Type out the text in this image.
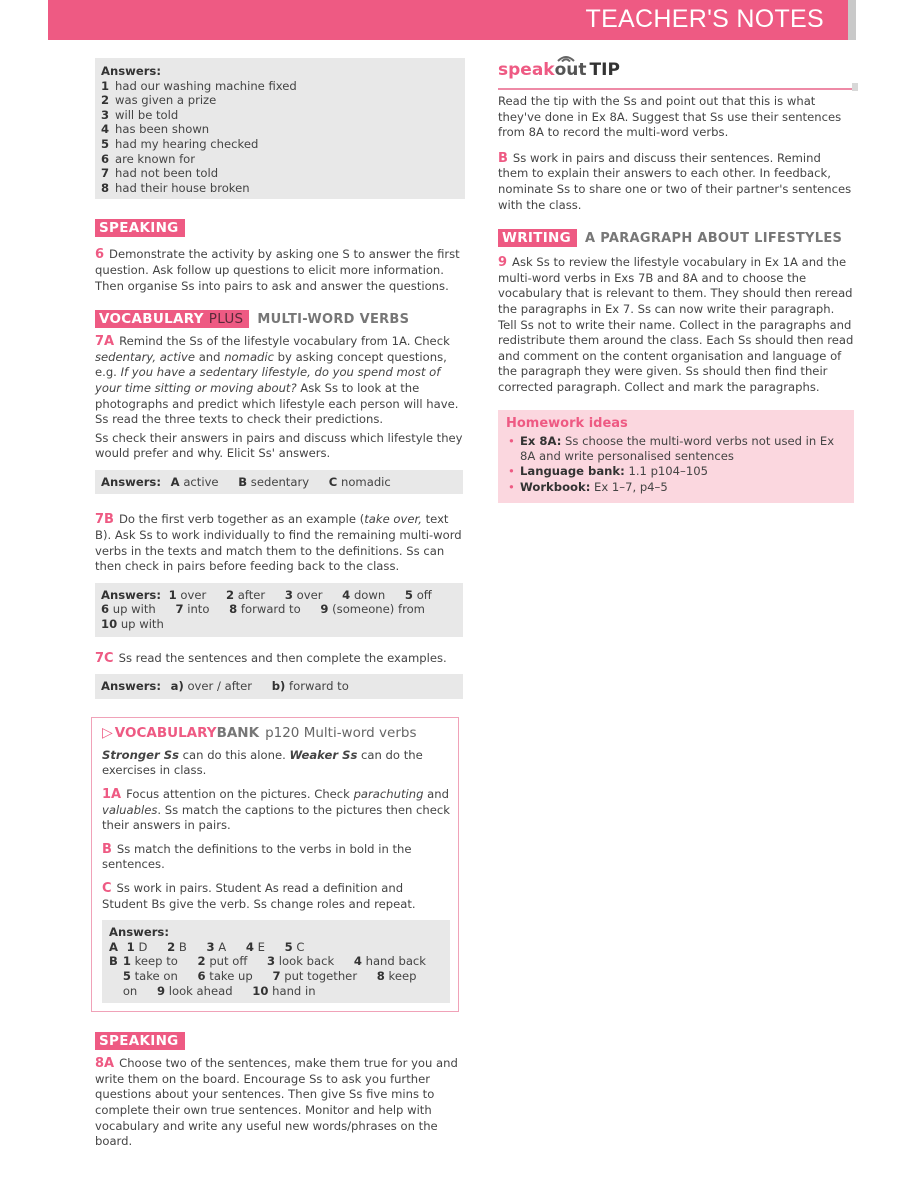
TEACHER'S NOTES
Answers:
1 had our washing machine fixed
2 was given a prize
3 will be told
4 has been shown
5 had my hearing checked
6 are known for
7 had not been told
8 had their house broken
SPEAKING

6 Demonstrate the activity by asking one S to answer the first question. Ask follow up questions to elicit more information. Then organise Ss into pairs to ask and answer the questions.

VOCABULARY PLUS MULTI-WORD VERBS

7A Remind the Ss of the lifestyle vocabulary from 1A. Check sedentary, active and nomadic by asking concept questions, e.g. If you have a sedentary lifestyle, do you spend most of your time sitting or moving about? Ask Ss to look at the photographs and predict which lifestyle each person will have. Ss read the three texts to check their predictions.

Ss check their answers in pairs and discuss which lifestyle they would prefer and why. Elicit Ss' answers.

Answers: A active B sedentary C nomadic

7B Do the first verb together as an example (take over, text B). Ask Ss to work individually to find the remaining multi-word verbs in the texts and match them to the definitions. Ss can then check in pairs before feeding back to the class.

Answers: 1 over 2 after 3 over 4 down 5 off 6 up with 7 into 8 forward to 9 (someone) from 10 up with

7C Ss read the sentences and then complete the examples.

Answers: a) over / after b) forward to
▷ VOCABULARYBANK p120 Multi-word verbs

Stronger Ss can do this alone. Weaker Ss can do the exercises in class.

1A Focus attention on the pictures. Check parachuting and valuables. Ss match the captions to the pictures then check their answers in pairs.

B Ss match the definitions to the verbs in bold in the sentences.

C Ss work in pairs. Student As read a definition and Student Bs give the verb. Ss change roles and repeat.

Answers:
A 1 D 2 B 3 A 4 E 5 C
B 1 keep to 2 put off 3 look back 4 hand back 5 take on 6 take up 7 put together 8 keep on 9 look ahead 10 hand in
SPEAKING

8A Choose two of the sentences, make them true for you and write them on the board. Encourage Ss to ask you further questions about your sentences. Then give Ss five mins to complete their own true sentences. Monitor and help with vocabulary and write any useful new words/phrases on the board.

speak
out TIP

Read the tip with the Ss and point out that this is what they've done in Ex 8A. Suggest that Ss use their sentences from 8A to record the multi-word verbs.

B Ss work in pairs and discuss their sentences. Remind them to explain their answers to each other. In feedback, nominate Ss to share one or two of their partner's sentences with the class.

WRITING A PARAGRAPH ABOUT LIFESTYLES

9 Ask Ss to review the lifestyle vocabulary in Ex 1A and the multi-word verbs in Exs 7B and 8A and to choose the vocabulary that is relevant to them. They should then reread the paragraphs in Ex 7. Ss can now write their paragraph. Tell Ss not to write their name. Collect in the paragraphs and redistribute them around the class. Each Ss should then read and comment on the content organisation and language of the paragraph they were given. Ss should then find their corrected paragraph. Collect and mark the paragraphs.

Homework ideas
• Ex 8A: Ss choose the multi-word verbs not used in Ex 8A and write personalised sentences
• Language bank: 1.1 p104–105
• Workbook: Ex 1–7, p4–5
